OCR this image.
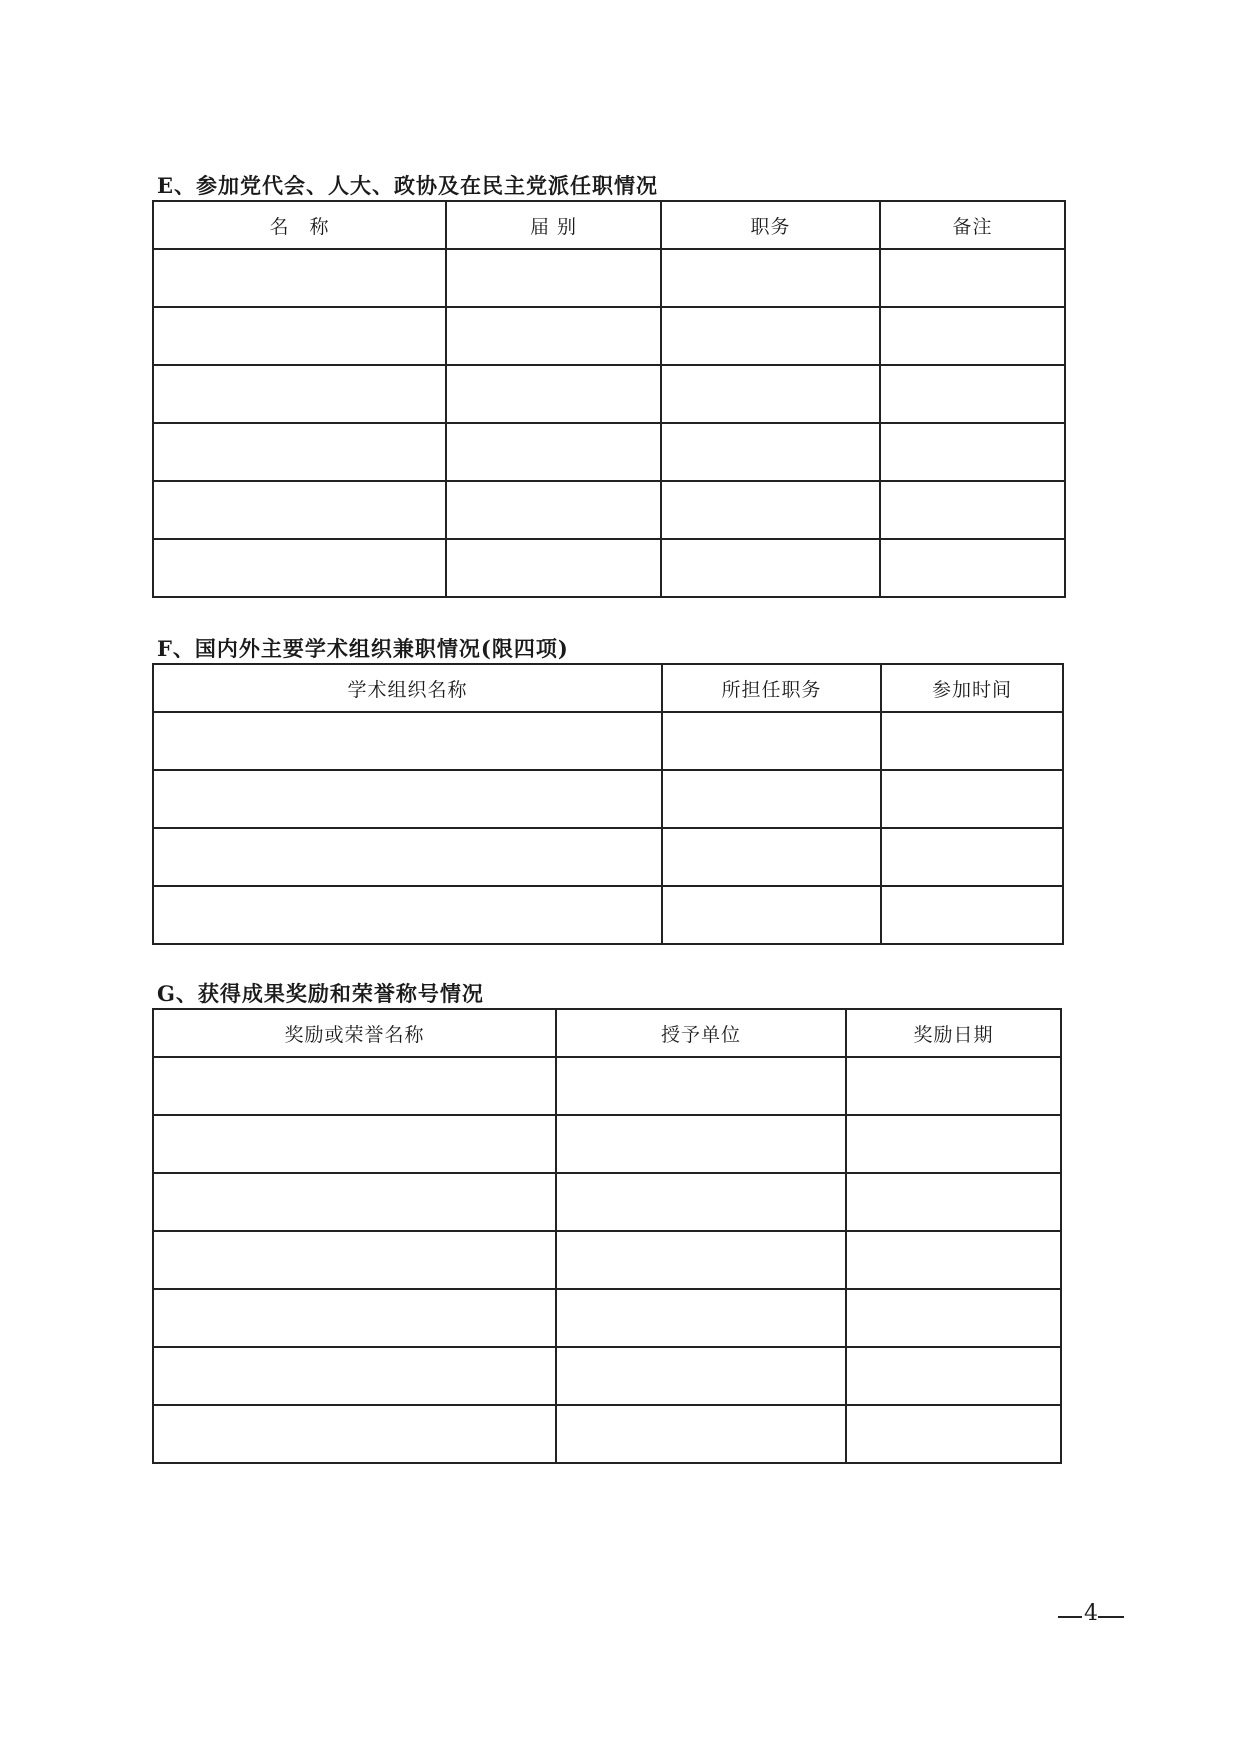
E、参加党代会、人大、政协及在民主党派任职情况
名　称	届 别	职务	备注

F、国内外主要学术组织兼职情况(限四项)
学术组织名称	所担任职务	参加时间

G、获得成果奖励和荣誉称号情况
奖励或荣誉名称	授予单位	奖励日期

4
